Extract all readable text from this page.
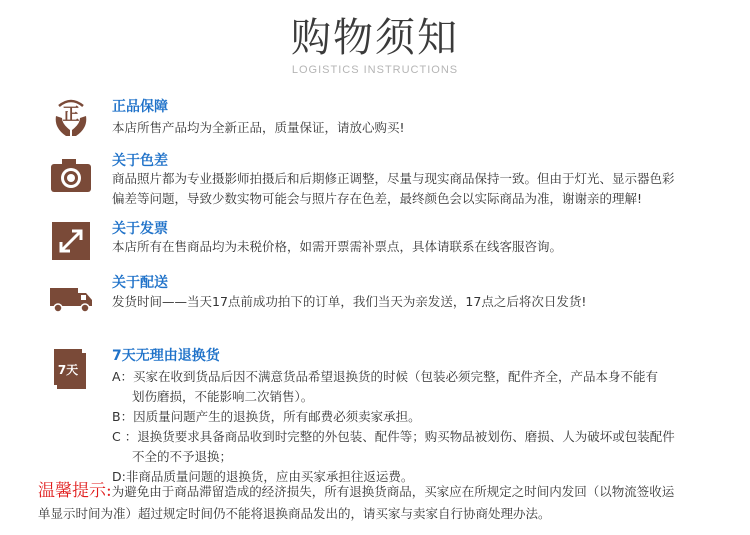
购物须知
LOGISTICS INSTRUCTIONS
正 正品保障
本店所售产品均为全新正品，质量保证，请放心购买!
关于色差
商品照片都为专业摄影师拍摄后和后期修正调整，尽量与现实商品保持一致。但由于灯光、显示器色彩
偏差等问题，导致少数实物可能会与照片存在色差，最终颜色会以实际商品为准，谢谢亲的理解!
关于发票
本店所有在售商品均为未税价格，如需开票需补票点，具体请联系在线客服咨询。
关于配送
发货时间——当天17点前成功拍下的订单，我们当天为亲发送，17点之后将次日发货!
7天
7天无理由退换货
A：买家在收到货品后因不满意货品希望退换货的时候（包装必须完整，配件齐全，产品本身不能有
划伤磨损，不能影响二次销售）。
B：因质量问题产生的退换货，所有邮费必须卖家承担。
C ：退换货要求具备商品收到时完整的外包装、配件等；购买物品被划伤、磨损、人为破坏或包装配件
不全的不予退换；
D:非商品质量问题的退换货，应由买家承担往返运费。
温馨提示:为避免由于商品滞留造成的经济损失，所有退换货商品，买家应在所规定之时间内发回（以物流签收运
单显示时间为准）超过规定时间仍不能将退换商品发出的，请买家与卖家自行协商处理办法。
